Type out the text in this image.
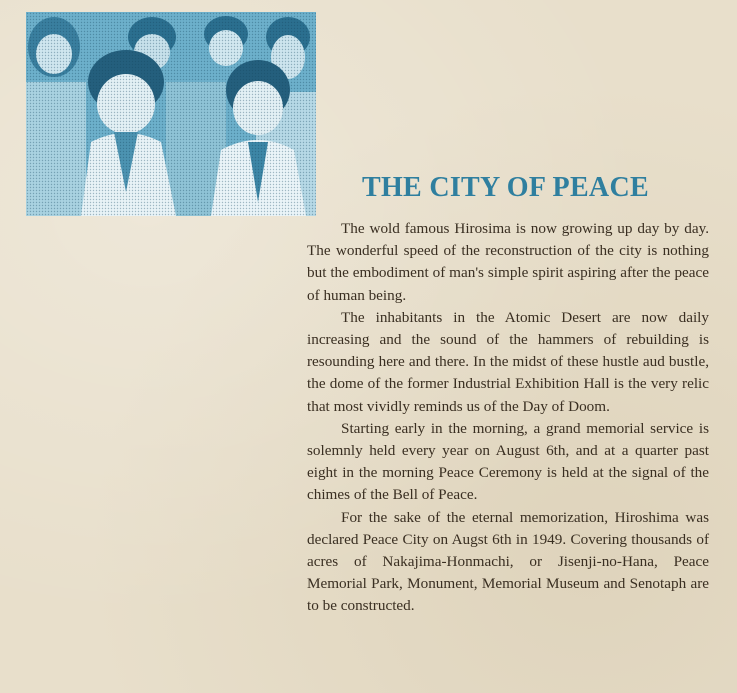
THE CITY OF PEACE

The wold famous Hirosima is now growing up day by day. The wonderful speed of the reconstruction of the city is nothing but the embodiment of man's simple spirit aspiring after the peace of human being.

The inhabitants in the Atomic Desert are now daily increasing and the sound of the hammers of rebuilding is resounding here and there. In the midst of these hustle aud bustle, the dome of the former Industrial Exhibition Hall is the very relic that most vividly reminds us of the Day of Doom.

Starting early in the morning, a grand memorial service is solemnly held every year on August 6th, and at a quarter past eight in the morning Peace Ceremony is held at the signal of the chimes of the Bell of Peace.

For the sake of the eternal memorization, Hiroshima was declared Peace City on Augst 6th in 1949. Covering thousands of acres of Nakajima-Honmachi, or Jisenji-no-Hana, Peace Memorial Park, Monument, Memorial Museum and Senotaph are to be constructed.
